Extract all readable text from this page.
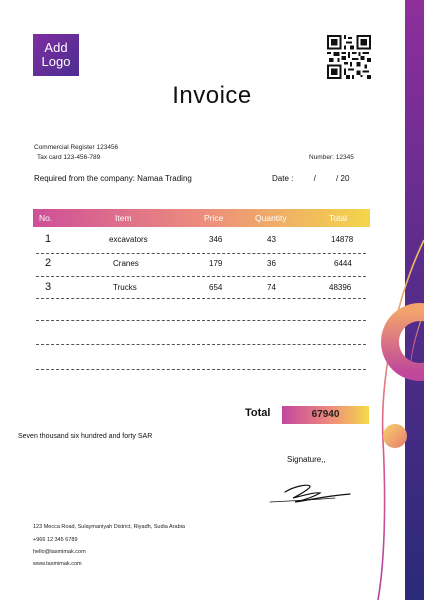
Add
Logo
Invoice
Commercial Register 123456
Tax card 123-456-789	Number: 12345
Required from the company: Namaa Trading	Date :	/	/ 20
No.	Item	Price	Quantity	Total
1	excavators	346	43	14878
2	Cranes	179	36	6444
3	Trucks	654	74	48396
Total	67940
Seven thousand six hundred and forty SAR
Signature,,
123 Mecca Road, Sulaymaniyah District, Riyadh, Sudia Arabia
+966 12 345 6789
hello@tasmimak.com
www.tasmimak.com
